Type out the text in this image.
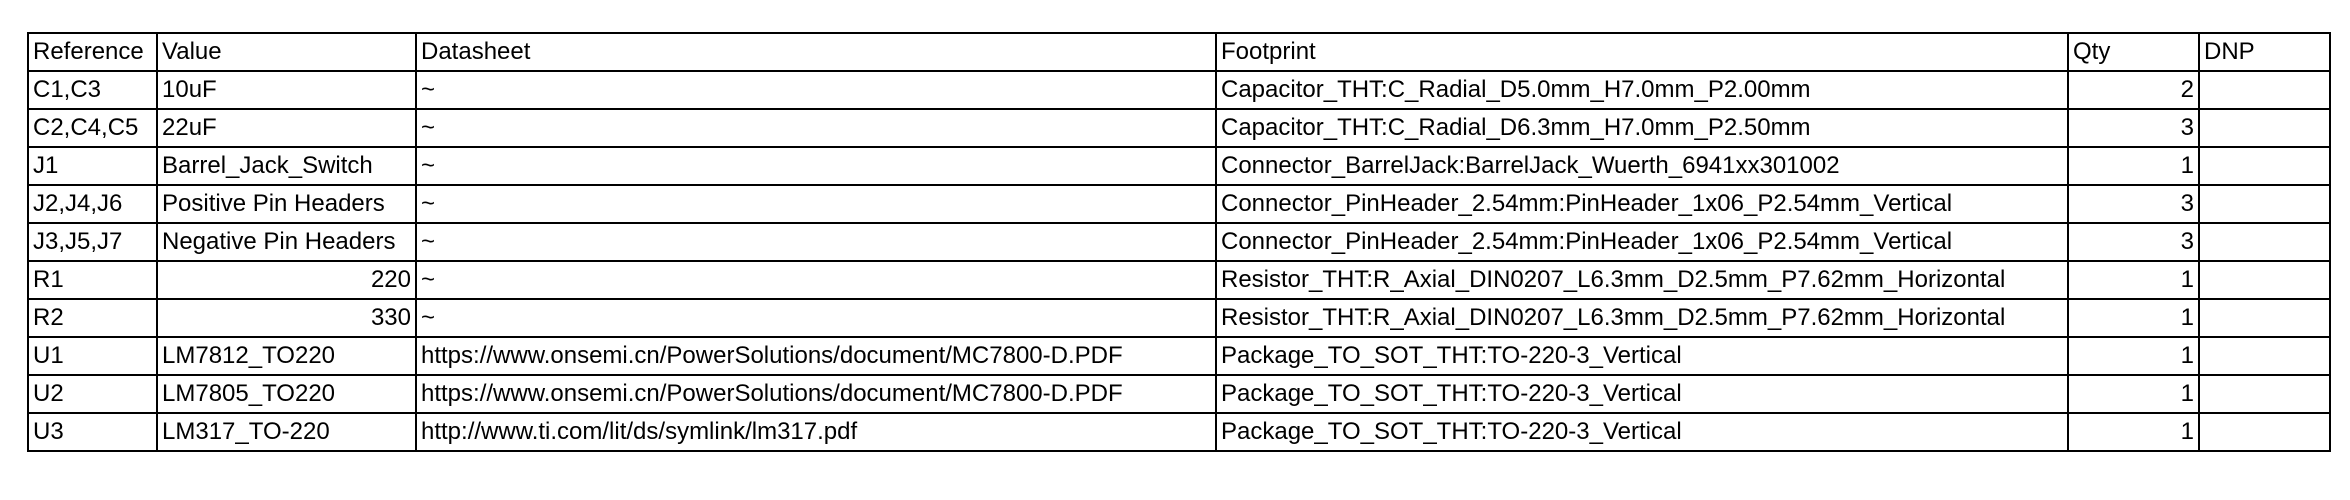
Reference	Value	Datasheet	Footprint	Qty	DNP
C1,C3	10uF	~	Capacitor_THT:C_Radial_D5.0mm_H7.0mm_P2.00mm	2	
C2,C4,C5	22uF	~	Capacitor_THT:C_Radial_D6.3mm_H7.0mm_P2.50mm	3	
J1	Barrel_Jack_Switch	~	Connector_BarrelJack:BarrelJack_Wuerth_6941xx301002	1	
J2,J4,J6	Positive Pin Headers	~	Connector_PinHeader_2.54mm:PinHeader_1x06_P2.54mm_Vertical	3	
J3,J5,J7	Negative Pin Headers	~	Connector_PinHeader_2.54mm:PinHeader_1x06_P2.54mm_Vertical	3	
R1	220	~	Resistor_THT:R_Axial_DIN0207_L6.3mm_D2.5mm_P7.62mm_Horizontal	1	
R2	330	~	Resistor_THT:R_Axial_DIN0207_L6.3mm_D2.5mm_P7.62mm_Horizontal	1	
U1	LM7812_TO220	https://www.onsemi.cn/PowerSolutions/document/MC7800-D.PDF	Package_TO_SOT_THT:TO-220-3_Vertical	1	
U2	LM7805_TO220	https://www.onsemi.cn/PowerSolutions/document/MC7800-D.PDF	Package_TO_SOT_THT:TO-220-3_Vertical	1	
U3	LM317_TO-220	http://www.ti.com/lit/ds/symlink/lm317.pdf	Package_TO_SOT_THT:TO-220-3_Vertical	1	
